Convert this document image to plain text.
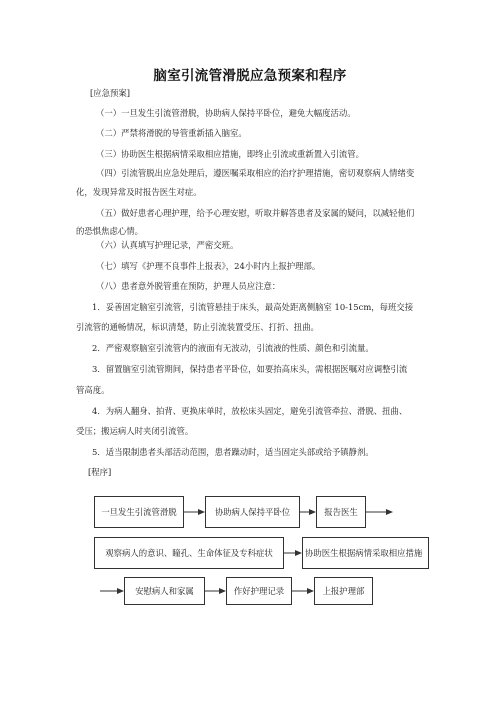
脑室引流管滑脱应急预案和程序
[应急预案]
（一）一旦发生引流管滑脱，协助病人保持平卧位，避免大幅度活动。
（二）严禁将滑脱的导管重新插入脑室。
（三）协助医生根据病情采取相应措施，即终止引流或重新置入引流管。
（四）引流管脱出应急处理后，遵医嘱采取相应的治疗护理措施，密切观察病人情绪变
化，发现异常及时报告医生对症。
（五）做好患者心理护理，给予心理安慰，听取并解答患者及家属的疑问，以减轻他们
的恐惧焦虑心情。
（六）认真填写护理记录，严密交班。
（七）填写《护理不良事件上报表》，24小时内上报护理部。
（八）患者意外脱管重在预防，护理人员应注意：
1．妥善固定脑室引流管，引流管悬挂于床头，最高处距离侧脑室 10-15cm，每班交接
引流管的通畅情况，标识清楚，防止引流装置受压、打折、扭曲。
2．严密观察脑室引流管内的液面有无波动，引流液的性质、颜色和引流量。
3．留置脑室引流管期间，保持患者平卧位，如要抬高床头，需根据医嘱对应调整引流
管高度。
4．为病人翻身、拍背、更换床单时，放松床头固定，避免引流管牵拉、滑脱、扭曲、
受压；搬运病人时夹闭引流管。
5．适当限制患者头部活动范围，患者躁动时，适当固定头部或给予镇静剂。
[程序]
一旦发生引流管滑脱	协助病人保持平卧位	报告医生
观察病人的意识、瞳孔、生命体征及专科症状	协助医生根据病情采取相应措施
安慰病人和家属	作好护理记录	上报护理部
